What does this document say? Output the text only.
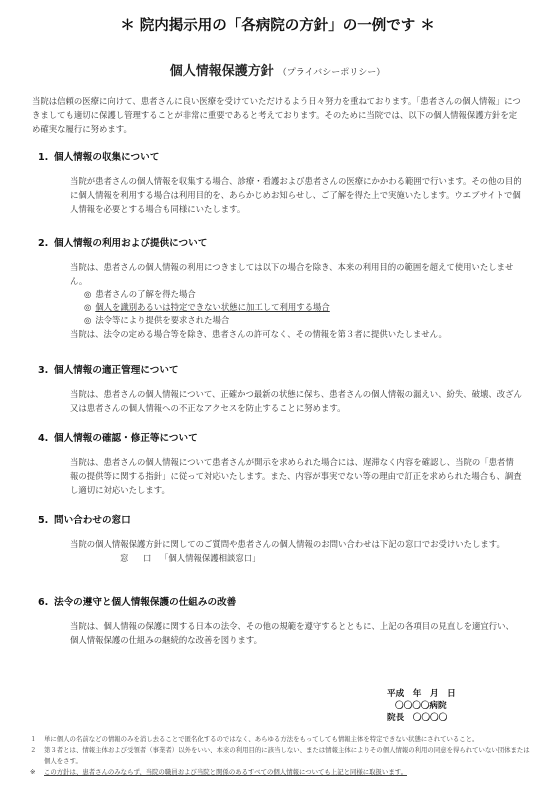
＊ 院内掲示用の「各病院の方針」の一例です ＊
個人情報保護方針 （プライバシーポリシー）
当院は信頼の医療に向けて、患者さんに良い医療を受けていただけるよう日々努力を重ねております。「患者さんの個人情報」につきましても適切に保護し管理することが非常に重要であると考えております。そのために当院では、以下の個人情報保護方針を定め確実な履行に努めます。
1. 個人情報の収集について
当院が患者さんの個人情報を収集する場合、診療・看護および患者さんの医療にかかわる範囲で行います。その他の目的に個人情報を利用する場合は利用目的を、あらかじめお知らせし、ご了解を得た上で実施いたします。ウエブサイトで個人情報を必要とする場合も同様にいたします。
2. 個人情報の利用および提供について

当院は、患者さんの個人情報の利用につきましては以下の場合を除き、本来の利用目的の範囲を超えて使用いたしません。

◎ 患者さんの了解を得た場合
◎ 個人を識別あるいは特定できない状態に加工して利用する場合
◎ 法令等により提供を要求された場合

当院は、法令の定める場合等を除き、患者さんの許可なく、その情報を第３者に提供いたしません。

3. 個人情報の適正管理について
当院は、患者さんの個人情報について、正確かつ最新の状態に保ち、患者さんの個人情報の漏えい、紛失、破壊、改ざん又は患者さんの個人情報への不正なアクセスを防止することに努めます。
4. 個人情報の確認・修正等について
当院は、患者さんの個人情報について患者さんが開示を求められた場合には、遅滞なく内容を確認し、当院の「患者情報の提供等に関する指針」に従って対応いたします。また、内容が事実でない等の理由で訂正を求められた場合も、調査し適切に対応いたします。
5. 問い合わせの窓口

当院の個人情報保護方針に関してのご質問や患者さんの個人情報のお問い合わせは下記の窓口でお受けいたします。

窓 口 「個人情報保護相談窓口」

6. 法令の遵守と個人情報保護の仕組みの改善
当院は、個人情報の保護に関する日本の法令、その他の規範を遵守するとともに、上記の各項目の見直しを適宜行い、個人情報保護の仕組みの継続的な改善を図ります。
平成　年　月　日
〇〇〇〇病院
院長　〇〇〇〇
１	単に個人の名前などの情報のみを消し去ることで匿名化するのではなく、あらゆる方法をもってしても情報主体を特定できない状態にされていること。
２	第３者とは、情報主体および受領者（事業者）以外をいい、本来の利用目的に該当しない、または情報主体によりその個人情報の利用の同意を得られていない団体または個人をさす。
※	この方針は、患者さんのみならず、当院の職員および当院と関係のあるすべての個人情報についても上記と同様に取扱います。
